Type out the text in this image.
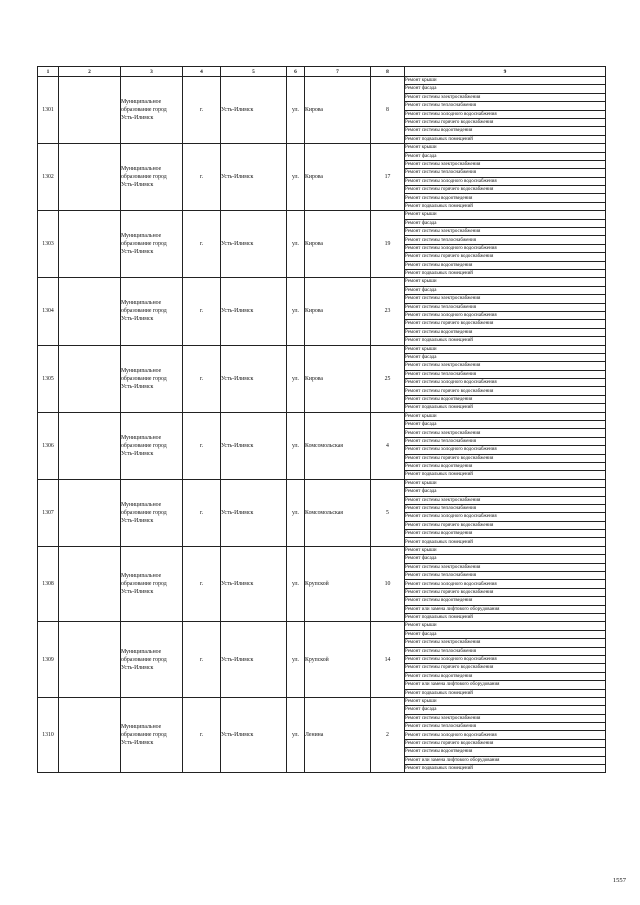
1	2	3	4	5	6	7	8	9
1301		Муниципальное
образование город
Усть-Илимск	г.	Усть-Илимск	ул.	Кирова	8	Ремонт крыши
								Ремонт фасада
								Ремонт системы электроснабжения
								Ремонт системы теплоснабжения
								Ремонт системы холодного водоснабжения
								Ремонт системы горячего водоснабжения
								Ремонт системы водоотведения
								Ремонт подвальных помещений
1302		Муниципальное
образование город
Усть-Илимск	г.	Усть-Илимск	ул.	Кирова	17	Ремонт крыши
								Ремонт фасада
								Ремонт системы электроснабжения
								Ремонт системы теплоснабжения
								Ремонт системы холодного водоснабжения
								Ремонт системы горячего водоснабжения
								Ремонт системы водоотведения
								Ремонт подвальных помещений
1303		Муниципальное
образование город
Усть-Илимск	г.	Усть-Илимск	ул.	Кирова	19	Ремонт крыши
								Ремонт фасада
								Ремонт системы электроснабжения
								Ремонт системы теплоснабжения
								Ремонт системы холодного водоснабжения
								Ремонт системы горячего водоснабжения
								Ремонт системы водоотведения
								Ремонт подвальных помещений
1304		Муниципальное
образование город
Усть-Илимск	г.	Усть-Илимск	ул.	Кирова	23	Ремонт крыши
								Ремонт фасада
								Ремонт системы электроснабжения
								Ремонт системы теплоснабжения
								Ремонт системы холодного водоснабжения
								Ремонт системы горячего водоснабжения
								Ремонт системы водоотведения
								Ремонт подвальных помещений
1305		Муниципальное
образование город
Усть-Илимск	г.	Усть-Илимск	ул.	Кирова	25	Ремонт крыши
								Ремонт фасада
								Ремонт системы электроснабжения
								Ремонт системы теплоснабжения
								Ремонт системы холодного водоснабжения
								Ремонт системы горячего водоснабжения
								Ремонт системы водоотведения
								Ремонт подвальных помещений
1306		Муниципальное
образование город
Усть-Илимск	г.	Усть-Илимск	ул.	Комсомольская	4	Ремонт крыши
								Ремонт фасада
								Ремонт системы электроснабжения
								Ремонт системы теплоснабжения
								Ремонт системы холодного водоснабжения
								Ремонт системы горячего водоснабжения
								Ремонт системы водоотведения
								Ремонт подвальных помещений
1307		Муниципальное
образование город
Усть-Илимск	г.	Усть-Илимск	ул.	Комсомольская	5	Ремонт крыши
								Ремонт фасада
								Ремонт системы электроснабжения
								Ремонт системы теплоснабжения
								Ремонт системы холодного водоснабжения
								Ремонт системы горячего водоснабжения
								Ремонт системы водоотведения
								Ремонт подвальных помещений
1308		Муниципальное
образование город
Усть-Илимск	г.	Усть-Илимск	ул.	Крупской	10	Ремонт крыши
								Ремонт фасада
								Ремонт системы электроснабжения
								Ремонт системы теплоснабжения
								Ремонт системы холодного водоснабжения
								Ремонт системы горячего водоснабжения
								Ремонт системы водоотведения
								Ремонт или замена лифтового оборудования
								Ремонт подвальных помещений
1309		Муниципальное
образование город
Усть-Илимск	г.	Усть-Илимск	ул.	Крупской	14	Ремонт крыши
								Ремонт фасада
								Ремонт системы электроснабжения
								Ремонт системы теплоснабжения
								Ремонт системы холодного водоснабжения
								Ремонт системы горячего водоснабжения
								Ремонт системы водоотведения
								Ремонт или замена лифтового оборудования
								Ремонт подвальных помещений
1310		Муниципальное
образование город
Усть-Илимск	г.	Усть-Илимск	ул.	Ленина	2	Ремонт крыши
								Ремонт фасада
								Ремонт системы электроснабжения
								Ремонт системы теплоснабжения
								Ремонт системы холодного водоснабжения
								Ремонт системы горячего водоснабжения
								Ремонт системы водоотведения
								Ремонт или замена лифтового оборудования
								Ремонт подвальных помещений
1557
